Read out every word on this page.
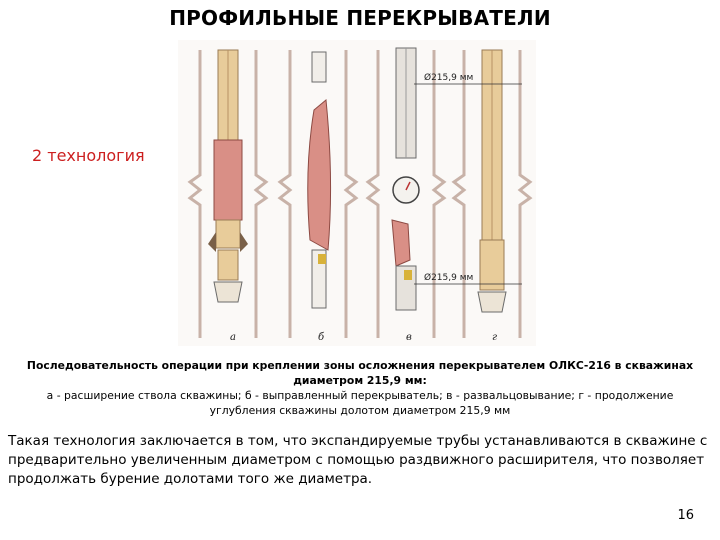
ПРОФИЛЬНЫЕ ПЕРЕКРЫВАТЕЛИ
2 технология
Ø215,9 мм
Ø215,9 мм
а	б	в	г
Последовательность операции при креплении зоны осложнения перекрывателем ОЛКС-216 в скважинах диаметром 215,9 мм:
а - расширение ствола скважины; б - выправленный перекрыватель; в - развальцовывание; г - продолжение углубления скважины долотом диаметром 215,9 мм
Такая технология заключается в том, что экспандируемые трубы устанавливаются в скважине с предварительно увеличенным диаметром с помощью раздвижного расширителя, что позволяет продолжать бурение долотами того же диаметра.
16
